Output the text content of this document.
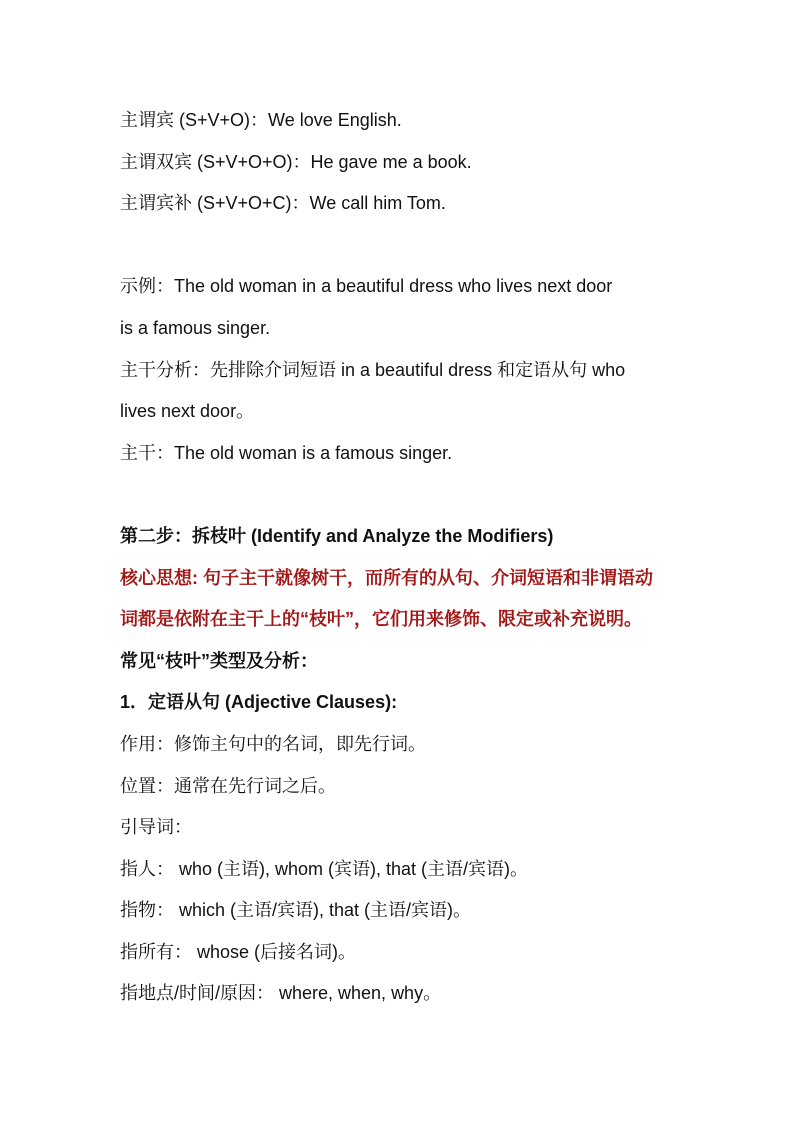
主谓宾 (S+V+O)：We love English.
主谓双宾 (S+V+O+O)：He gave me a book.
主谓宾补 (S+V+O+C)：We call him Tom.
示例：The old woman in a beautiful dress who lives next door
is a famous singer.
主干分析：先排除介词短语 in a beautiful dress 和定语从句 who
lives next door。
主干：The old woman is a famous singer.
第二步：拆枝叶 (Identify and Analyze the Modifiers)
核心思想: 句子主干就像树干，而所有的从句、介词短语和非谓语动
词都是依附在主干上的“枝叶”，它们用来修饰、限定或补充说明。
常见“枝叶”类型及分析：
1．定语从句 (Adjective Clauses):
作用：修饰主句中的名词，即先行词。
位置：通常在先行词之后。
引导词：
指人： who (主语), whom (宾语), that (主语/宾语)。
指物： which (主语/宾语), that (主语/宾语)。
指所有： whose (后接名词)。
指地点/时间/原因： where, when, why。
